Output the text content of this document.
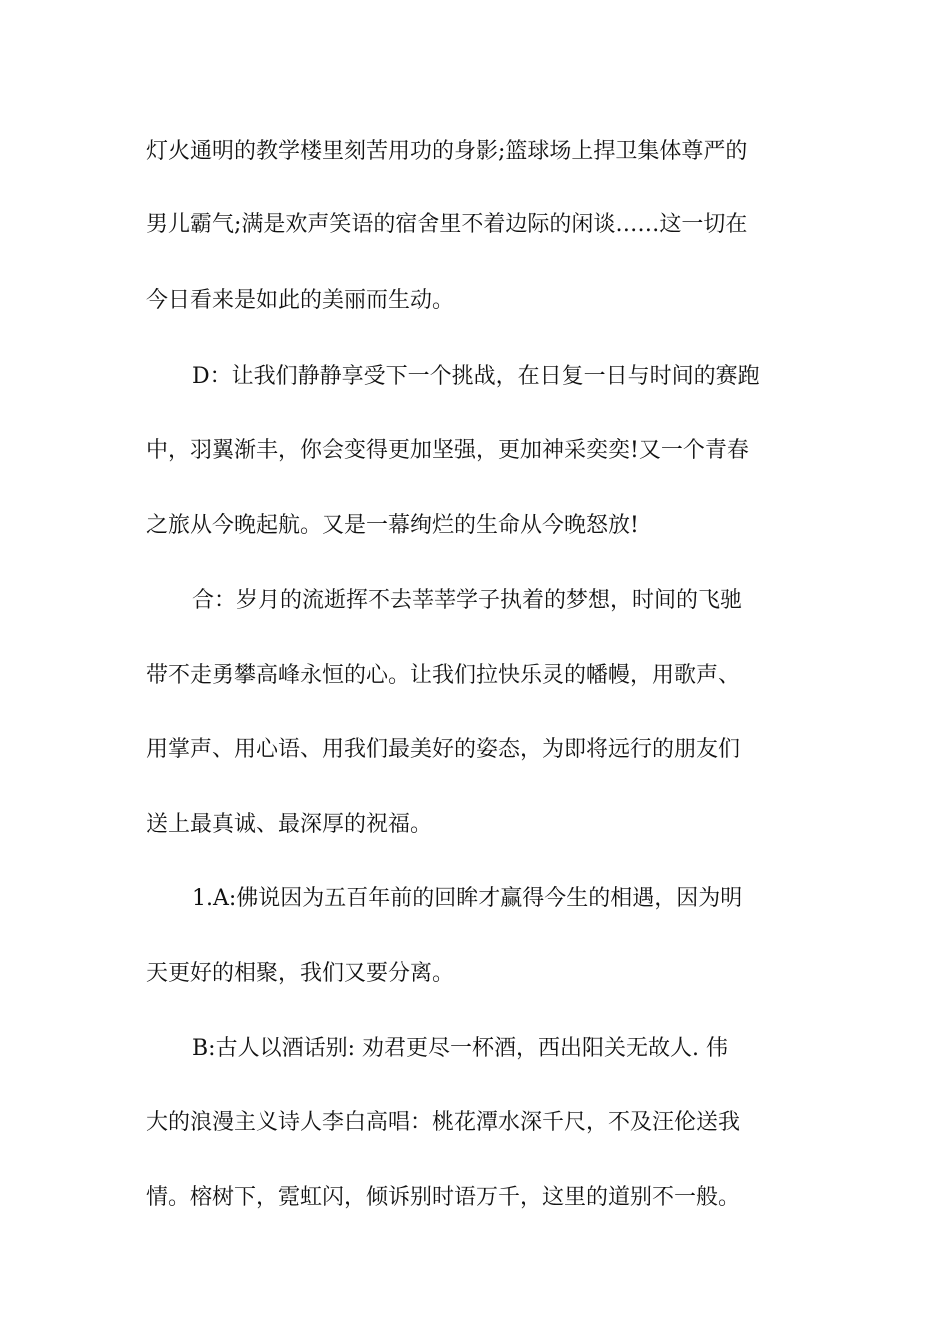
灯火通明的教学楼里刻苦用功的身影;篮球场上捍卫集体尊严的
男儿霸气;满是欢声笑语的宿舍里不着边际的闲谈……这一切在
今日看来是如此的美丽而生动。
D：让我们静静享受下一个挑战，在日复一日与时间的赛跑
中，羽翼渐丰，你会变得更加坚强，更加神采奕奕!又一个青春
之旅从今晚起航。又是一幕绚烂的生命从今晚怒放!
合：岁月的流逝挥不去莘莘学子执着的梦想，时间的飞驰
带不走勇攀高峰永恒的心。让我们拉快乐灵的幡幔，用歌声、
用掌声、用心语、用我们最美好的姿态，为即将远行的朋友们
送上最真诚、最深厚的祝福。
1.A:佛说因为五百年前的回眸才赢得今生的相遇，因为明
天更好的相聚，我们又要分离。
B:古人以酒话别: 劝君更尽一杯酒，西出阳关无故人. 伟
大的浪漫主义诗人李白高唱：桃花潭水深千尺，不及汪伦送我
情。榕树下，霓虹闪，倾诉别时语万千，这里的道别不一般。
